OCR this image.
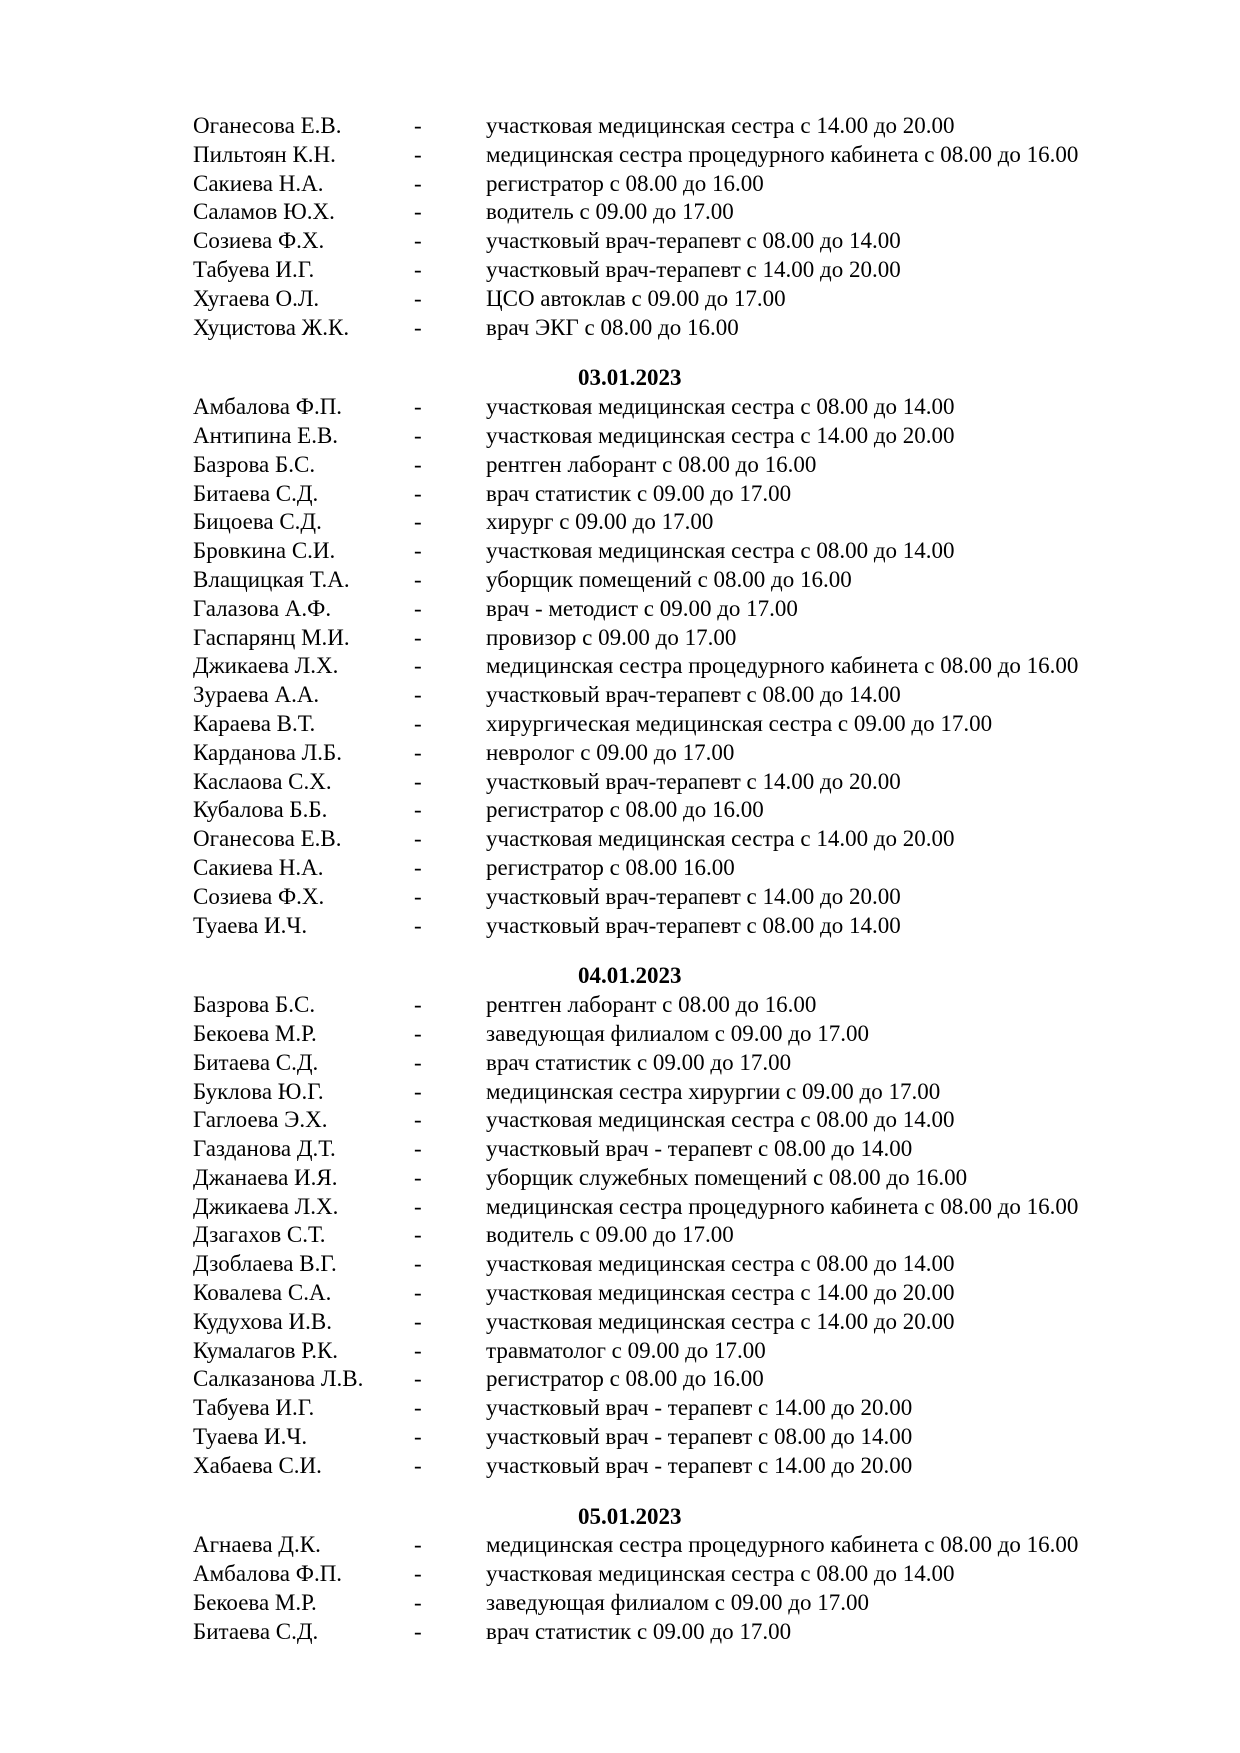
Оганесова Е.В.	-	участковая медицинская сестра с 14.00 до 20.00
Пильтоян К.Н.	-	медицинская сестра процедурного кабинета с 08.00 до 16.00
Сакиева Н.А.	-	регистратор с 08.00 до 16.00
Саламов Ю.Х.	-	водитель с 09.00 до 17.00
Созиева Ф.Х.	-	участковый врач-терапевт с 08.00 до 14.00
Табуева И.Г.	-	участковый врач-терапевт с 14.00 до 20.00
Хугаева О.Л.	-	ЦСО автоклав с 09.00 до 17.00
Хуцистова Ж.К.	-	врач ЭКГ с 08.00 до 16.00
03.01.2023
Амбалова Ф.П.	-	участковая медицинская сестра с 08.00 до 14.00
Антипина Е.В.	-	участковая медицинская сестра с 14.00 до 20.00
Базрова Б.С.	-	рентген лаборант с 08.00 до 16.00
Битаева С.Д.	-	врач статистик с 09.00 до 17.00
Бицоева С.Д.	-	хирург с 09.00 до 17.00
Бровкина С.И.	-	участковая медицинская сестра с 08.00 до 14.00
Влащицкая Т.А.	-	уборщик помещений с 08.00 до 16.00
Галазова А.Ф.	-	врач - методист с 09.00 до 17.00
Гаспарянц М.И.	-	провизор с 09.00 до 17.00
Джикаева Л.Х.	-	медицинская сестра процедурного кабинета с 08.00 до 16.00
Зураева А.А.	-	участковый врач-терапевт с 08.00 до 14.00
Караева В.Т.	-	хирургическая медицинская сестра с 09.00 до 17.00
Карданова Л.Б.	-	невролог с 09.00 до 17.00
Каслаова С.Х.	-	участковый врач-терапевт с 14.00 до 20.00
Кубалова Б.Б.	-	регистратор с 08.00 до 16.00
Оганесова Е.В.	-	участковая медицинская сестра с 14.00 до 20.00
Сакиева Н.А.	-	регистратор с 08.00 16.00
Созиева Ф.Х.	-	участковый врач-терапевт с 14.00 до 20.00
Туаева И.Ч.	-	участковый врач-терапевт с 08.00 до 14.00
04.01.2023
Базрова Б.С.	-	рентген лаборант с 08.00 до 16.00
Бекоева М.Р.	-	заведующая филиалом с 09.00 до 17.00
Битаева С.Д.	-	врач статистик с 09.00 до 17.00
Буклова Ю.Г.	-	медицинская сестра хирургии с 09.00 до 17.00
Гаглоева Э.Х.	-	участковая медицинская сестра с 08.00 до 14.00
Газданова Д.Т.	-	участковый врач - терапевт с 08.00 до 14.00
Джанаева И.Я.	-	уборщик служебных помещений с 08.00 до 16.00
Джикаева Л.Х.	-	медицинская сестра процедурного кабинета с 08.00 до 16.00
Дзагахов С.Т.	-	водитель с 09.00 до 17.00
Дзоблаева В.Г.	-	участковая медицинская сестра с 08.00 до 14.00
Ковалева С.А.	-	участковая медицинская сестра с 14.00 до 20.00
Кудухова И.В.	-	участковая медицинская сестра с 14.00 до 20.00
Кумалагов Р.К.	-	травматолог с 09.00 до 17.00
Салказанова Л.В. -	регистратор с 08.00 до 16.00
Табуева И.Г.	-	участковый врач - терапевт с 14.00 до 20.00
Туаева И.Ч.	-	участковый врач - терапевт с 08.00 до 14.00
Хабаева С.И.	-	участковый врач - терапевт с 14.00 до 20.00
05.01.2023
Агнаева Д.К.	-	медицинская сестра процедурного кабинета с 08.00 до 16.00
Амбалова Ф.П.	-	участковая медицинская сестра с 08.00 до 14.00
Бекоева М.Р.	-	заведующая филиалом с 09.00 до 17.00
Битаева С.Д.	-	врач статистик с 09.00 до 17.00
